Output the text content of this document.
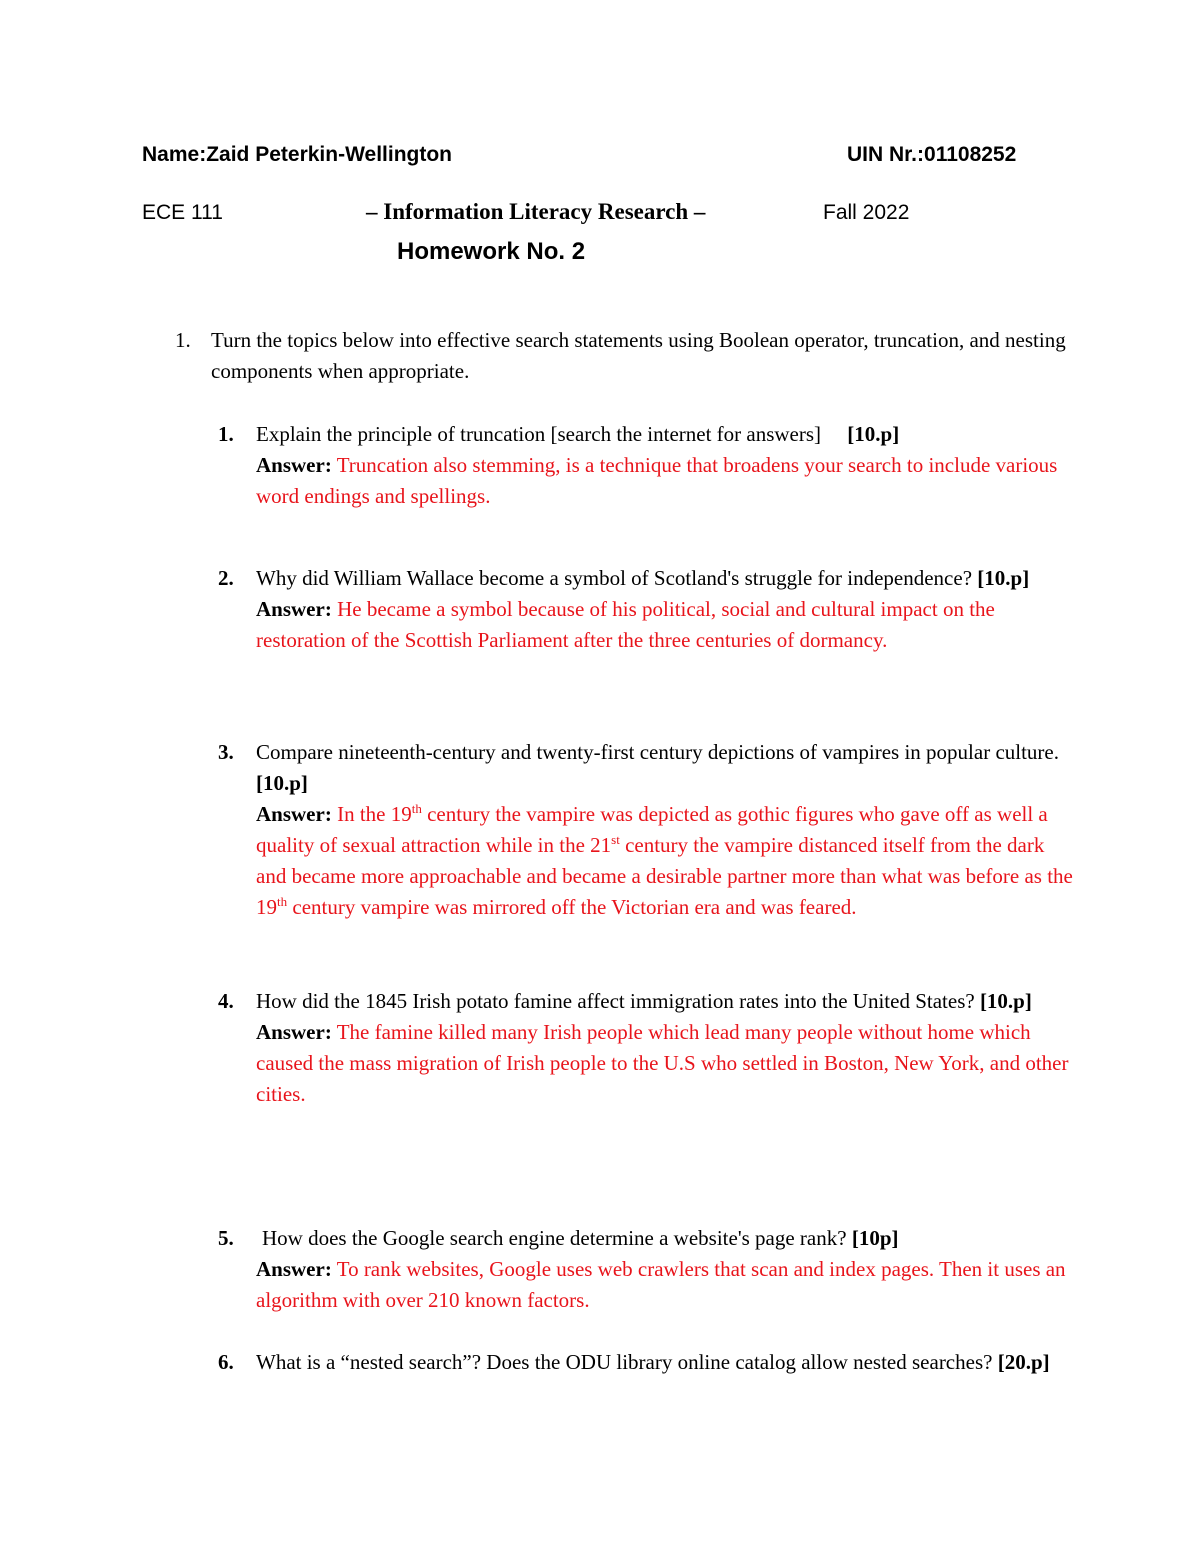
Name:Zaid Peterkin-Wellington	UIN Nr.:01108252
ECE 111	– Information Literacy Research –	Fall 2022
Homework No. 2
1. Turn the topics below into effective search statements using Boolean operator, truncation, and nesting components when appropriate.
1. Explain the principle of truncation [search the internet for answers] [10.p]
Answer: Truncation also stemming, is a technique that broadens your search to include various word endings and spellings.
2. Why did William Wallace become a symbol of Scotland's struggle for independence? [10.p]
Answer: He became a symbol because of his political, social and cultural impact on the restoration of the Scottish Parliament after the three centuries of dormancy.
3. Compare nineteenth-century and twenty-first century depictions of vampires in popular culture. [10.p]
Answer: In the 19th century the vampire was depicted as gothic figures who gave off as well a quality of sexual attraction while in the 21st century the vampire distanced itself from the dark and became more approachable and became a desirable partner more than what was before as the 19th century vampire was mirrored off the Victorian era and was feared.
4. How did the 1845 Irish potato famine affect immigration rates into the United States? [10.p]
Answer: The famine killed many Irish people which lead many people without home which caused the mass migration of Irish people to the U.S who settled in Boston, New York, and other cities.
5. How does the Google search engine determine a website's page rank? [10p]
Answer: To rank websites, Google uses web crawlers that scan and index pages. Then it uses an algorithm with over 210 known factors.
6. What is a “nested search”? Does the ODU library online catalog allow nested searches? [20.p]
